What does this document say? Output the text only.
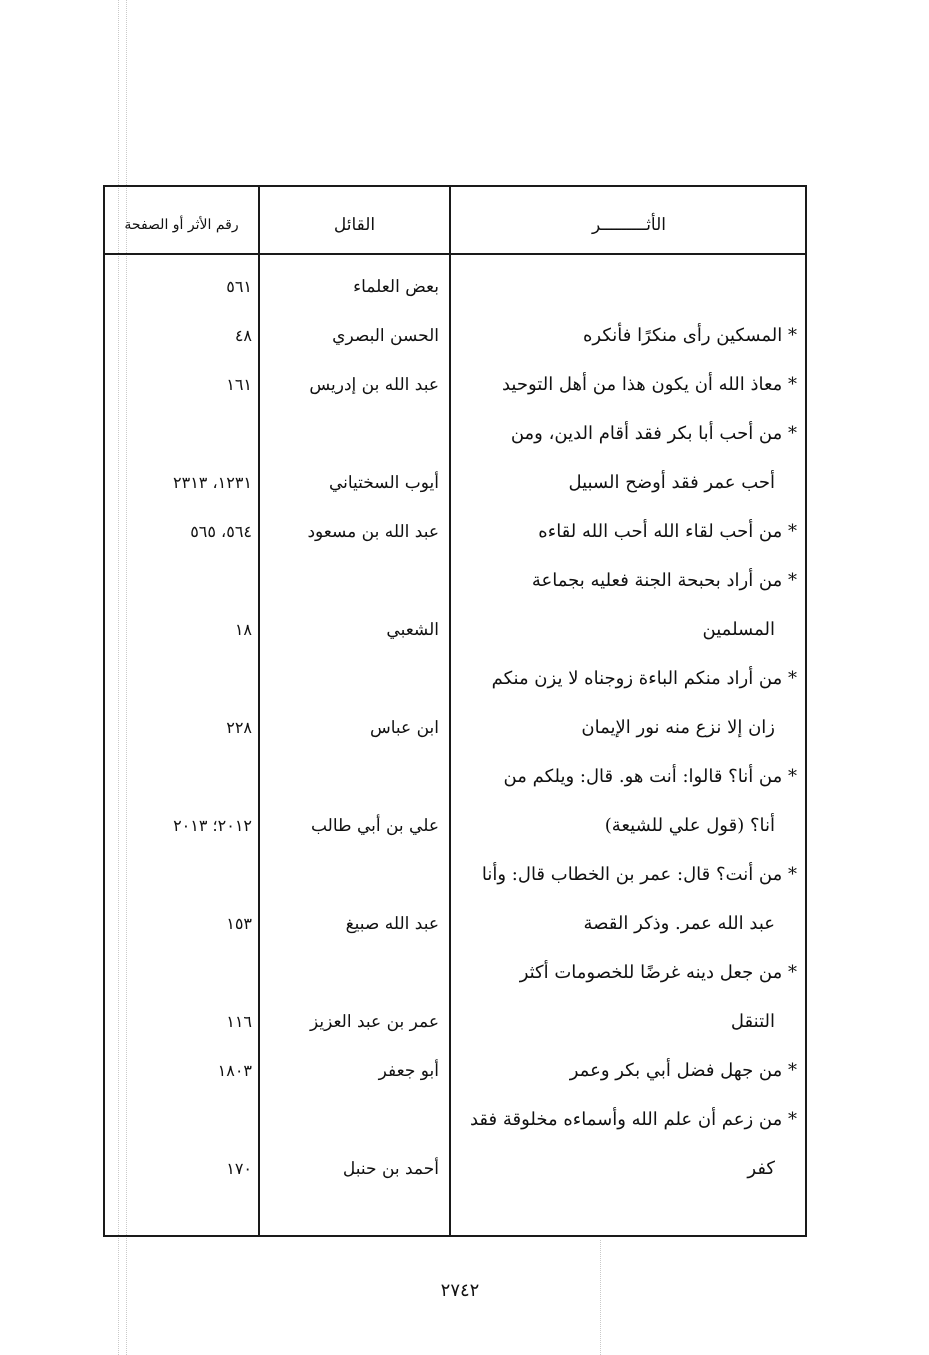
الأثـــــــــر
القائل
رقم الأثر أو الصفحة
بعض العلماء
٥٦١
* المسكين رأى منكرًا فأنكره
الحسن البصري
٤٨
* معاذ الله أن يكون هذا من أهل التوحيد
عبد الله بن إدريس
١٦١
* من أحب أبا بكر فقد أقام الدين، ومن
أحب عمر فقد أوضح السبيل
أيوب السختياني
١٢٣١، ٢٣١٣
* من أحب لقاء الله أحب الله لقاءه
عبد الله بن مسعود
٥٦٤، ٥٦٥
* من أراد بحبحة الجنة فعليه بجماعة
المسلمين
الشعبي
١٨
* من أراد منكم الباءة زوجناه لا يزن منكم
زان إلا نزع منه نور الإيمان
ابن عباس
٢٢٨
* من أنا؟ قالوا: أنت هو. قال: ويلكم من
أنا؟ (قول علي للشيعة)
علي بن أبي طالب
٢٠١٢؛ ٢٠١٣
* من أنت؟ قال: عمر بن الخطاب قال: وأنا
عبد الله عمر. وذكر القصة
عبد الله صبيغ
١٥٣
* من جعل دينه غرضًا للخصومات أكثر
التنقل
عمر بن عبد العزيز
١١٦
* من جهل فضل أبي بكر وعمر
أبو جعفر
١٨٠٣
* من زعم أن علم الله وأسماءه مخلوقة فقد
كفر
أحمد بن حنبل
١٧٠
٢٧٤٢
